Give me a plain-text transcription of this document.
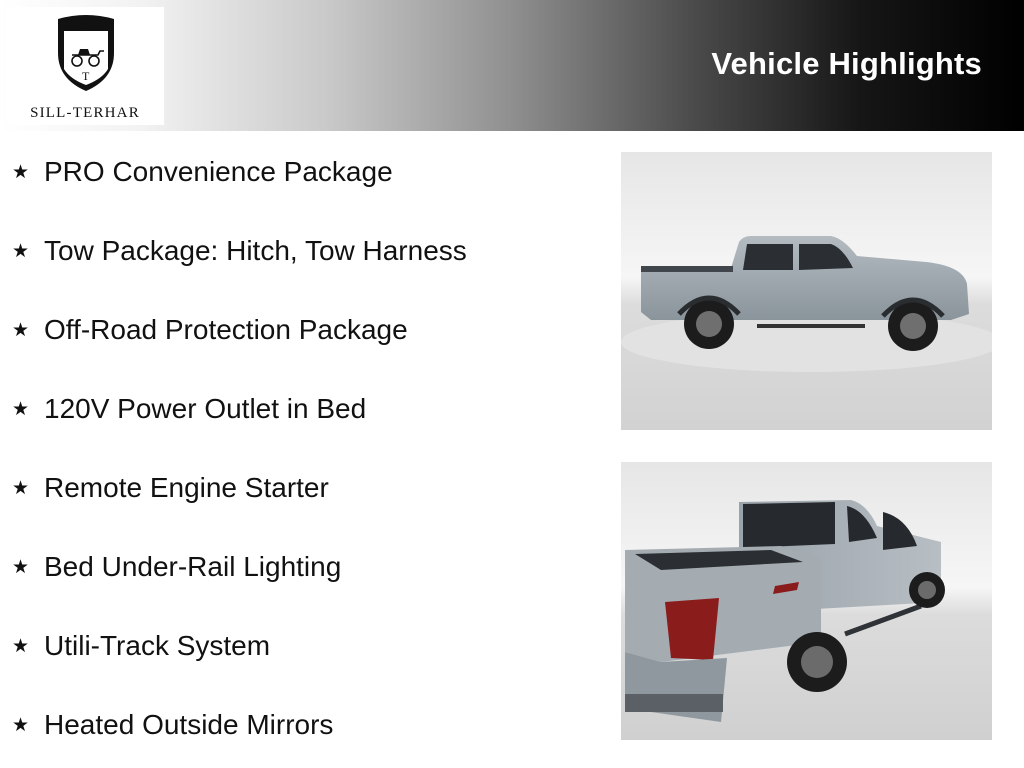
S
T
SILL-TERHAR
Vehicle Highlights
★ PRO Convenience Package
★ Tow Package: Hitch, Tow Harness
★ Off-Road Protection Package
★ 120V Power Outlet in Bed
★ Remote Engine Starter
★ Bed Under-Rail Lighting
★ Utili-Track System
★ Heated Outside Mirrors
